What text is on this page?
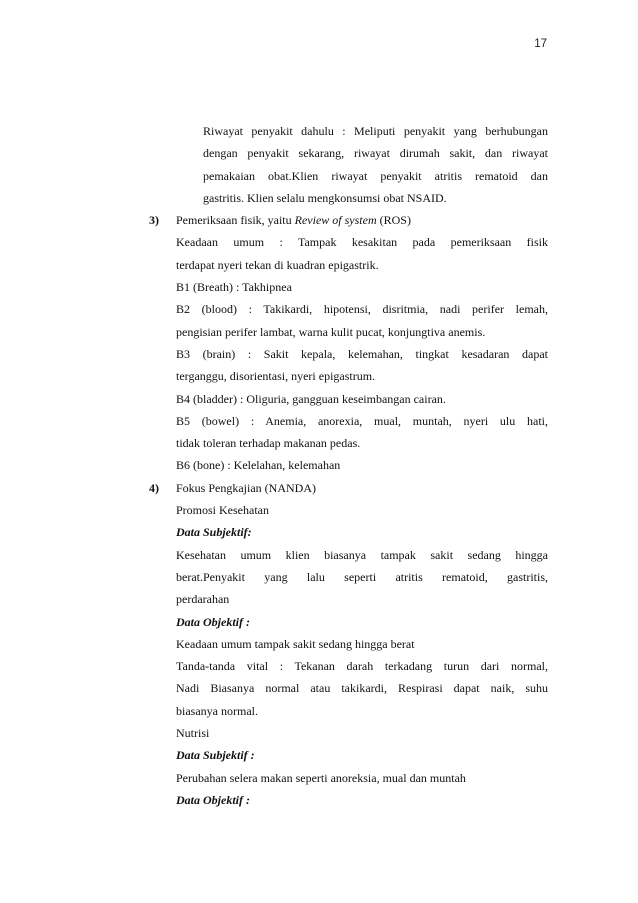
17
Riwayat penyakit dahulu : Meliputi penyakit yang berhubungan
dengan penyakit sekarang, riwayat dirumah sakit, dan riwayat
pemakaian obat.Klien riwayat penyakit atritis rematoid dan
gastritis. Klien selalu mengkonsumsi obat NSAID.
3) Pemeriksaan fisik, yaitu Review of system (ROS)
Keadaan umum : Tampak kesakitan pada pemeriksaan fisik
terdapat nyeri tekan di kuadran epigastrik.
B1 (Breath) : Takhipnea
B2 (blood) : Takikardi, hipotensi, disritmia, nadi perifer lemah,
pengisian perifer lambat, warna kulit pucat, konjungtiva anemis.
B3 (brain) : Sakit kepala, kelemahan, tingkat kesadaran dapat
terganggu, disorientasi, nyeri epigastrum.
B4 (bladder) : Oliguria, gangguan keseimbangan cairan.
B5 (bowel) : Anemia, anorexia, mual, muntah, nyeri ulu hati,
tidak toleran terhadap makanan pedas.
B6 (bone) : Kelelahan, kelemahan
4) Fokus Pengkajian (NANDA)
Promosi Kesehatan
Data Subjektif:
Kesehatan umum klien biasanya tampak sakit sedang hingga
berat.Penyakit yang lalu seperti atritis rematoid, gastritis,
perdarahan
Data Objektif :
Keadaan umum tampak sakit sedang hingga berat
Tanda-tanda vital : Tekanan darah terkadang turun dari normal,
Nadi Biasanya normal atau takikardi, Respirasi dapat naik, suhu
biasanya normal.
Nutrisi
Data Subjektif :
Perubahan selera makan seperti anoreksia, mual dan muntah
Data Objektif :
